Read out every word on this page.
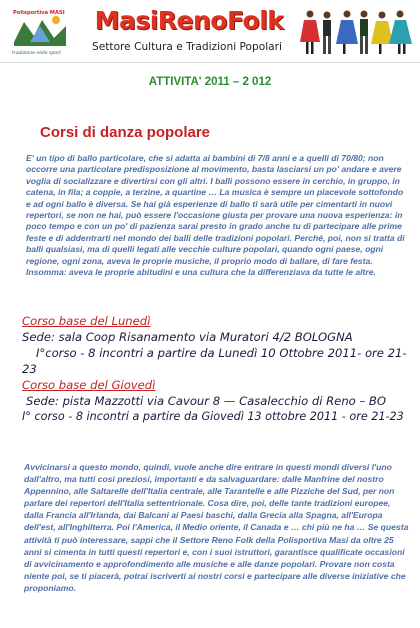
Polisportiva MASI
tradizione nello sport
MasiRenoFolk
Settore Cultura e Tradizioni Popolari
ATTIVITA' 2011 – 2 012
Corsi di danza popolare

E' un tipo di ballo particolare, che si adatta ai bambini di 7/8 anni e a quelli di 70/80; non occorre una particolare predisposizione al movimento, basta lasciarsi un po' andare e avere voglia di socializzare e divertirsi con gli altri. I balli possono essere in cerchio, in gruppo, in catena, in fila; a coppie, a terzine, a quartine … La musica è sempre un piacevole sottofondo e ad ogni ballo è diversa. Se hai già esperienze di ballo ti sarà utile per cimentarti in nuovi repertori, se non ne hai, può essere l'occasione giusta per provare una nuova esperienza: in poco tempo e con un po' di pazienza sarai presto in grado anche tu di partecipare alle prime feste e di addentrarti nel mondo dei balli delle tradizioni popolari. Perché, poi, non si tratta di balli qualsiasi, ma di quelli legati alle vecchie culture popolari, quando ogni paese, ogni regione, ogni zona, aveva le proprie musiche, il proprio modo di ballare, di fare festa. Insomma: aveva le proprie abitudini e una cultura che la differenziava da tutte le altre.

Corso base del Lunedì
Sede: sala Coop Risanamento via Muratori 4/2 BOLOGNA
I°corso - 8 incontri a partire da Lunedì 10 Ottobre 2011- ore 21-
23
Corso base del Giovedì
Sede: pista Mazzotti via Cavour 8 — Casalecchio di Reno – BO
I° corso - 8 incontri a partire da Giovedì 13 ottobre 2011 - ore 21-23

Avvicinarsi a questo mondo, quindi, vuole anche dire entrare in questi mondi diversi l'uno dall'altro, ma tutti così preziosi, importanti e da salvaguardare: dalle Manfrine del nostro Appennino, alle Saltarelle dell'Italia centrale, alle Tarantelle e alle Pizziche del Sud, per non parlare dei repertori dell'Italia settentrionale. Cosa dire, poi, delle tante tradizioni europee, dalla Francia all'Irlanda, dai Balcani ai Paesi baschi, dalla Grecia alla Spagna, all'Europa dell'est, all'Inghilterra. Poi l'America, il Medio oriente, il Canada e … chi più ne ha … Se questa attività ti può interessare, sappi che il Settore Reno Folk della Polisportiva Masi da oltre 25 anni si cimenta in tutti questi repertori e, con i suoi istruttori, garantisce qualificate occasioni di avvicinamento e approfondimento alle musiche e alle danze popolari. Provare non costa niente poi, se ti piacerà, potrai iscriverti ai nostri corsi e partecipare alle diverse iniziative che proponiamo.
